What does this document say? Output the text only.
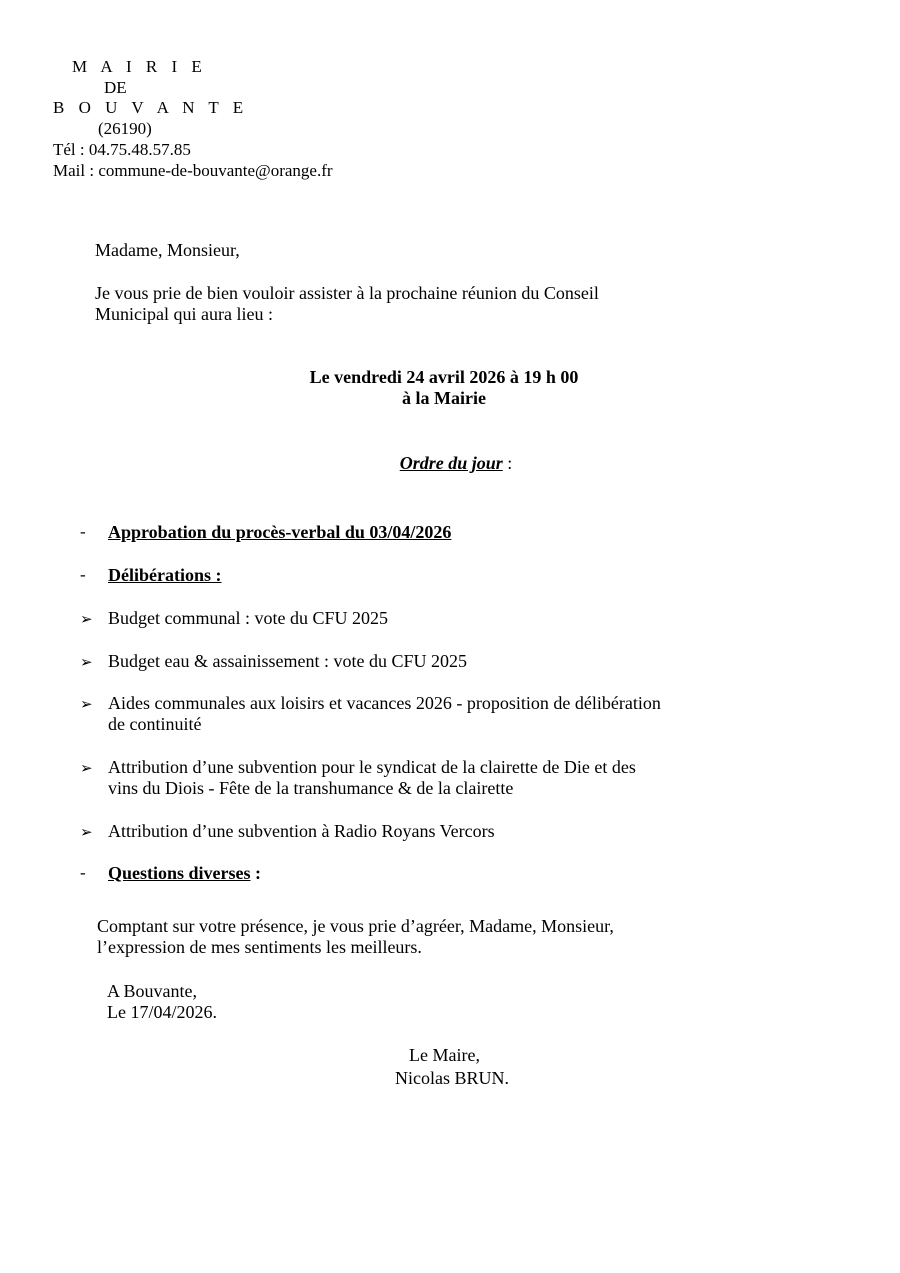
M A I R I E
DE
B O U V A N T E
(26190)
Tél : 04.75.48.57.85
Mail : commune-de-bouvante@orange.fr
Madame, Monsieur,
Je vous prie de bien vouloir assister à la prochaine réunion du Conseil
Municipal qui aura lieu :
Le vendredi 24 avril 2026 à 19 h 00
à la Mairie
Ordre du jour :
- Approbation du procès-verbal du 03/04/2026
- Délibérations :
➢ Budget communal : vote du CFU 2025
➢ Budget eau & assainissement : vote du CFU 2025
➢ Aides communales aux loisirs et vacances 2026 - proposition de délibération
de continuité
➢ Attribution d’une subvention pour le syndicat de la clairette de Die et des
vins du Diois - Fête de la transhumance & de la clairette
➢ Attribution d’une subvention à Radio Royans Vercors
- Questions diverses :
Comptant sur votre présence, je vous prie d’agréer, Madame, Monsieur,
l’expression de mes sentiments les meilleurs.
A Bouvante,
Le 17/04/2026.
Le Maire,
Nicolas BRUN.
